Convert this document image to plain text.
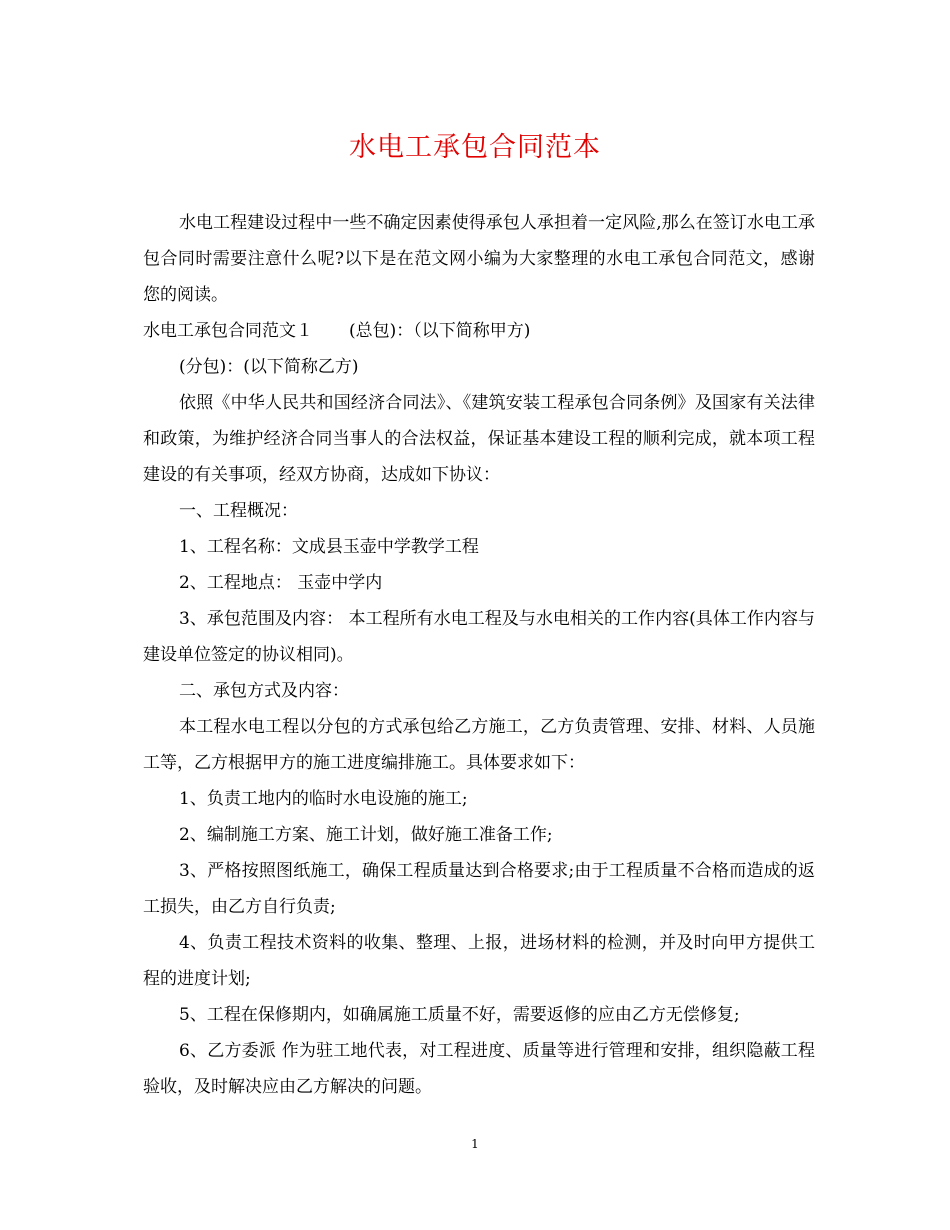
水电工承包合同范本

水电工程建设过程中一些不确定因素使得承包人承担着一定风险,那么在签订水电工承包合同时需要注意什么呢?以下是在范文网小编为大家整理的水电工承包合同范文，感谢您的阅读。

水电工承包合同范文１ (总包)：（以下简称甲方)

(分包)：(以下简称乙方)

依照《中华人民共和国经济合同法》、《建筑安装工程承包合同条例》及国家有关法律和政策，为维护经济合同当事人的合法权益，保证基本建设工程的顺利完成，就本项工程建设的有关事项，经双方协商，达成如下协议：

一、工程概况：

1、工程名称：文成县玉壶中学教学工程

2、工程地点： 玉壶中学内

3、承包范围及内容： 本工程所有水电工程及与水电相关的工作内容(具体工作内容与建设单位签定的协议相同)。

二、承包方式及内容：

本工程水电工程以分包的方式承包给乙方施工，乙方负责管理、安排、材料、人员施工等，乙方根据甲方的施工进度编排施工。具体要求如下：

1、负责工地内的临时水电设施的施工;

2、编制施工方案、施工计划，做好施工准备工作;

3、严格按照图纸施工，确保工程质量达到合格要求;由于工程质量不合格而造成的返工损失，由乙方自行负责;

4、负责工程技术资料的收集、整理、上报，进场材料的检测，并及时向甲方提供工程的进度计划;

5、工程在保修期内，如确属施工质量不好，需要返修的应由乙方无偿修复;

6、乙方委派 作为驻工地代表，对工程进度、质量等进行管理和安排，组织隐蔽工程验收，及时解决应由乙方解决的问题。

1
